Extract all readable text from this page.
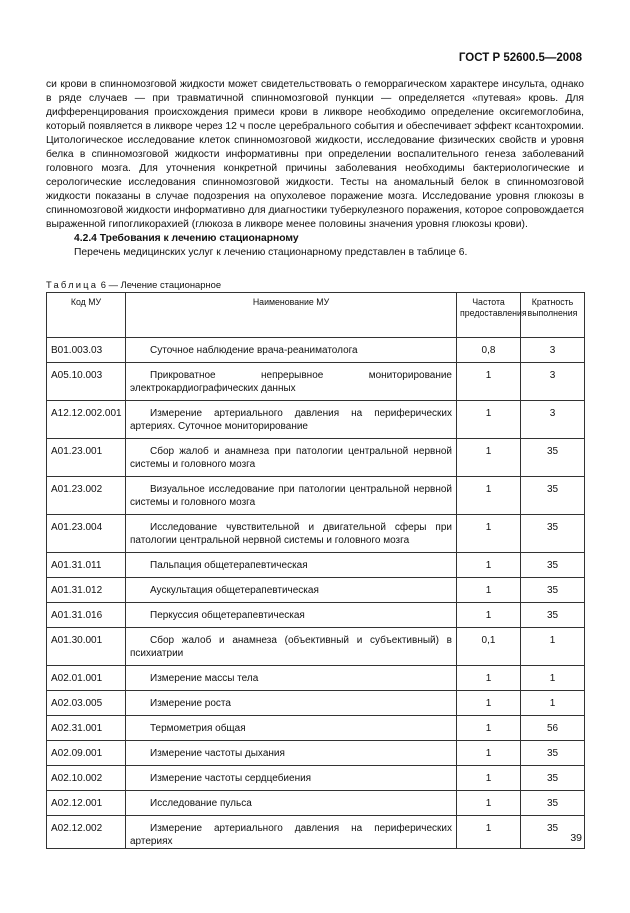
ГОСТ Р 52600.5—2008

си крови в спинномозговой жидкости может свидетельствовать о геморрагическом характере инсульта, однако в ряде случаев — при травматичной спинномозговой пункции — определяется «путевая» кровь. Для дифференцирования происхождения примеси крови в ликворе необходимо определение оксигемоглобина, который появляется в ликворе через 12 ч после церебрального события и обеспечивает эффект ксантохромии. Цитологическое исследование клеток спинномозговой жидкости, исследование физических свойств и уровня белка в спинномозговой жидкости информативны при определении воспалительного генеза заболеваний головного мозга. Для уточнения конкретной причины заболевания необходимы бактериологические и серологические исследования спинномозговой жидкости. Тесты на аномальный белок в спинномозговой жидкости показаны в случае подозрения на опухолевое поражение мозга. Исследование уровня глюкозы в спинномозговой жидкости информативно для диагностики туберкулезного поражения, которое сопровождается выраженной гипогликорахией (глюкоза в ликворе менее половины значения уровня глюкозы крови).

4.2.4 Требования к лечению стационарному

Перечень медицинских услуг к лечению стационарному представлен в таблице 6.

Таблица 6 — Лечение стационарное
Код МУ	Наименование МУ	Частота предоставления	Кратность выполнения
B01.003.03	Суточное наблюдение врача-реаниматолога	0,8	3
A05.10.003	Прикроватное непрерывное мониторирование электрокардиографических данных	1	3
A12.12.002.001	Измерение артериального давления на периферических артериях. Суточное мониторирование	1	3
A01.23.001	Сбор жалоб и анамнеза при патологии центральной нервной системы и головного мозга	1	35
A01.23.002	Визуальное исследование при патологии центральной нервной системы и головного мозга	1	35
A01.23.004	Исследование чувствительной и двигательной сферы при патологии центральной нервной системы и головного мозга	1	35
A01.31.011	Пальпация общетерапевтическая	1	35
A01.31.012	Аускультация общетерапевтическая	1	35
A01.31.016	Перкуссия общетерапевтическая	1	35
A01.30.001	Сбор жалоб и анамнеза (объективный и субъективный) в психиатрии	0,1	1
A02.01.001	Измерение массы тела	1	1
A02.03.005	Измерение роста	1	1
A02.31.001	Термометрия общая	1	56
A02.09.001	Измерение частоты дыхания	1	35
A02.10.002	Измерение частоты сердцебиения	1	35
A02.12.001	Исследование пульса	1	35
A02.12.002	Измерение артериального давления на периферических артериях	1	35
39
